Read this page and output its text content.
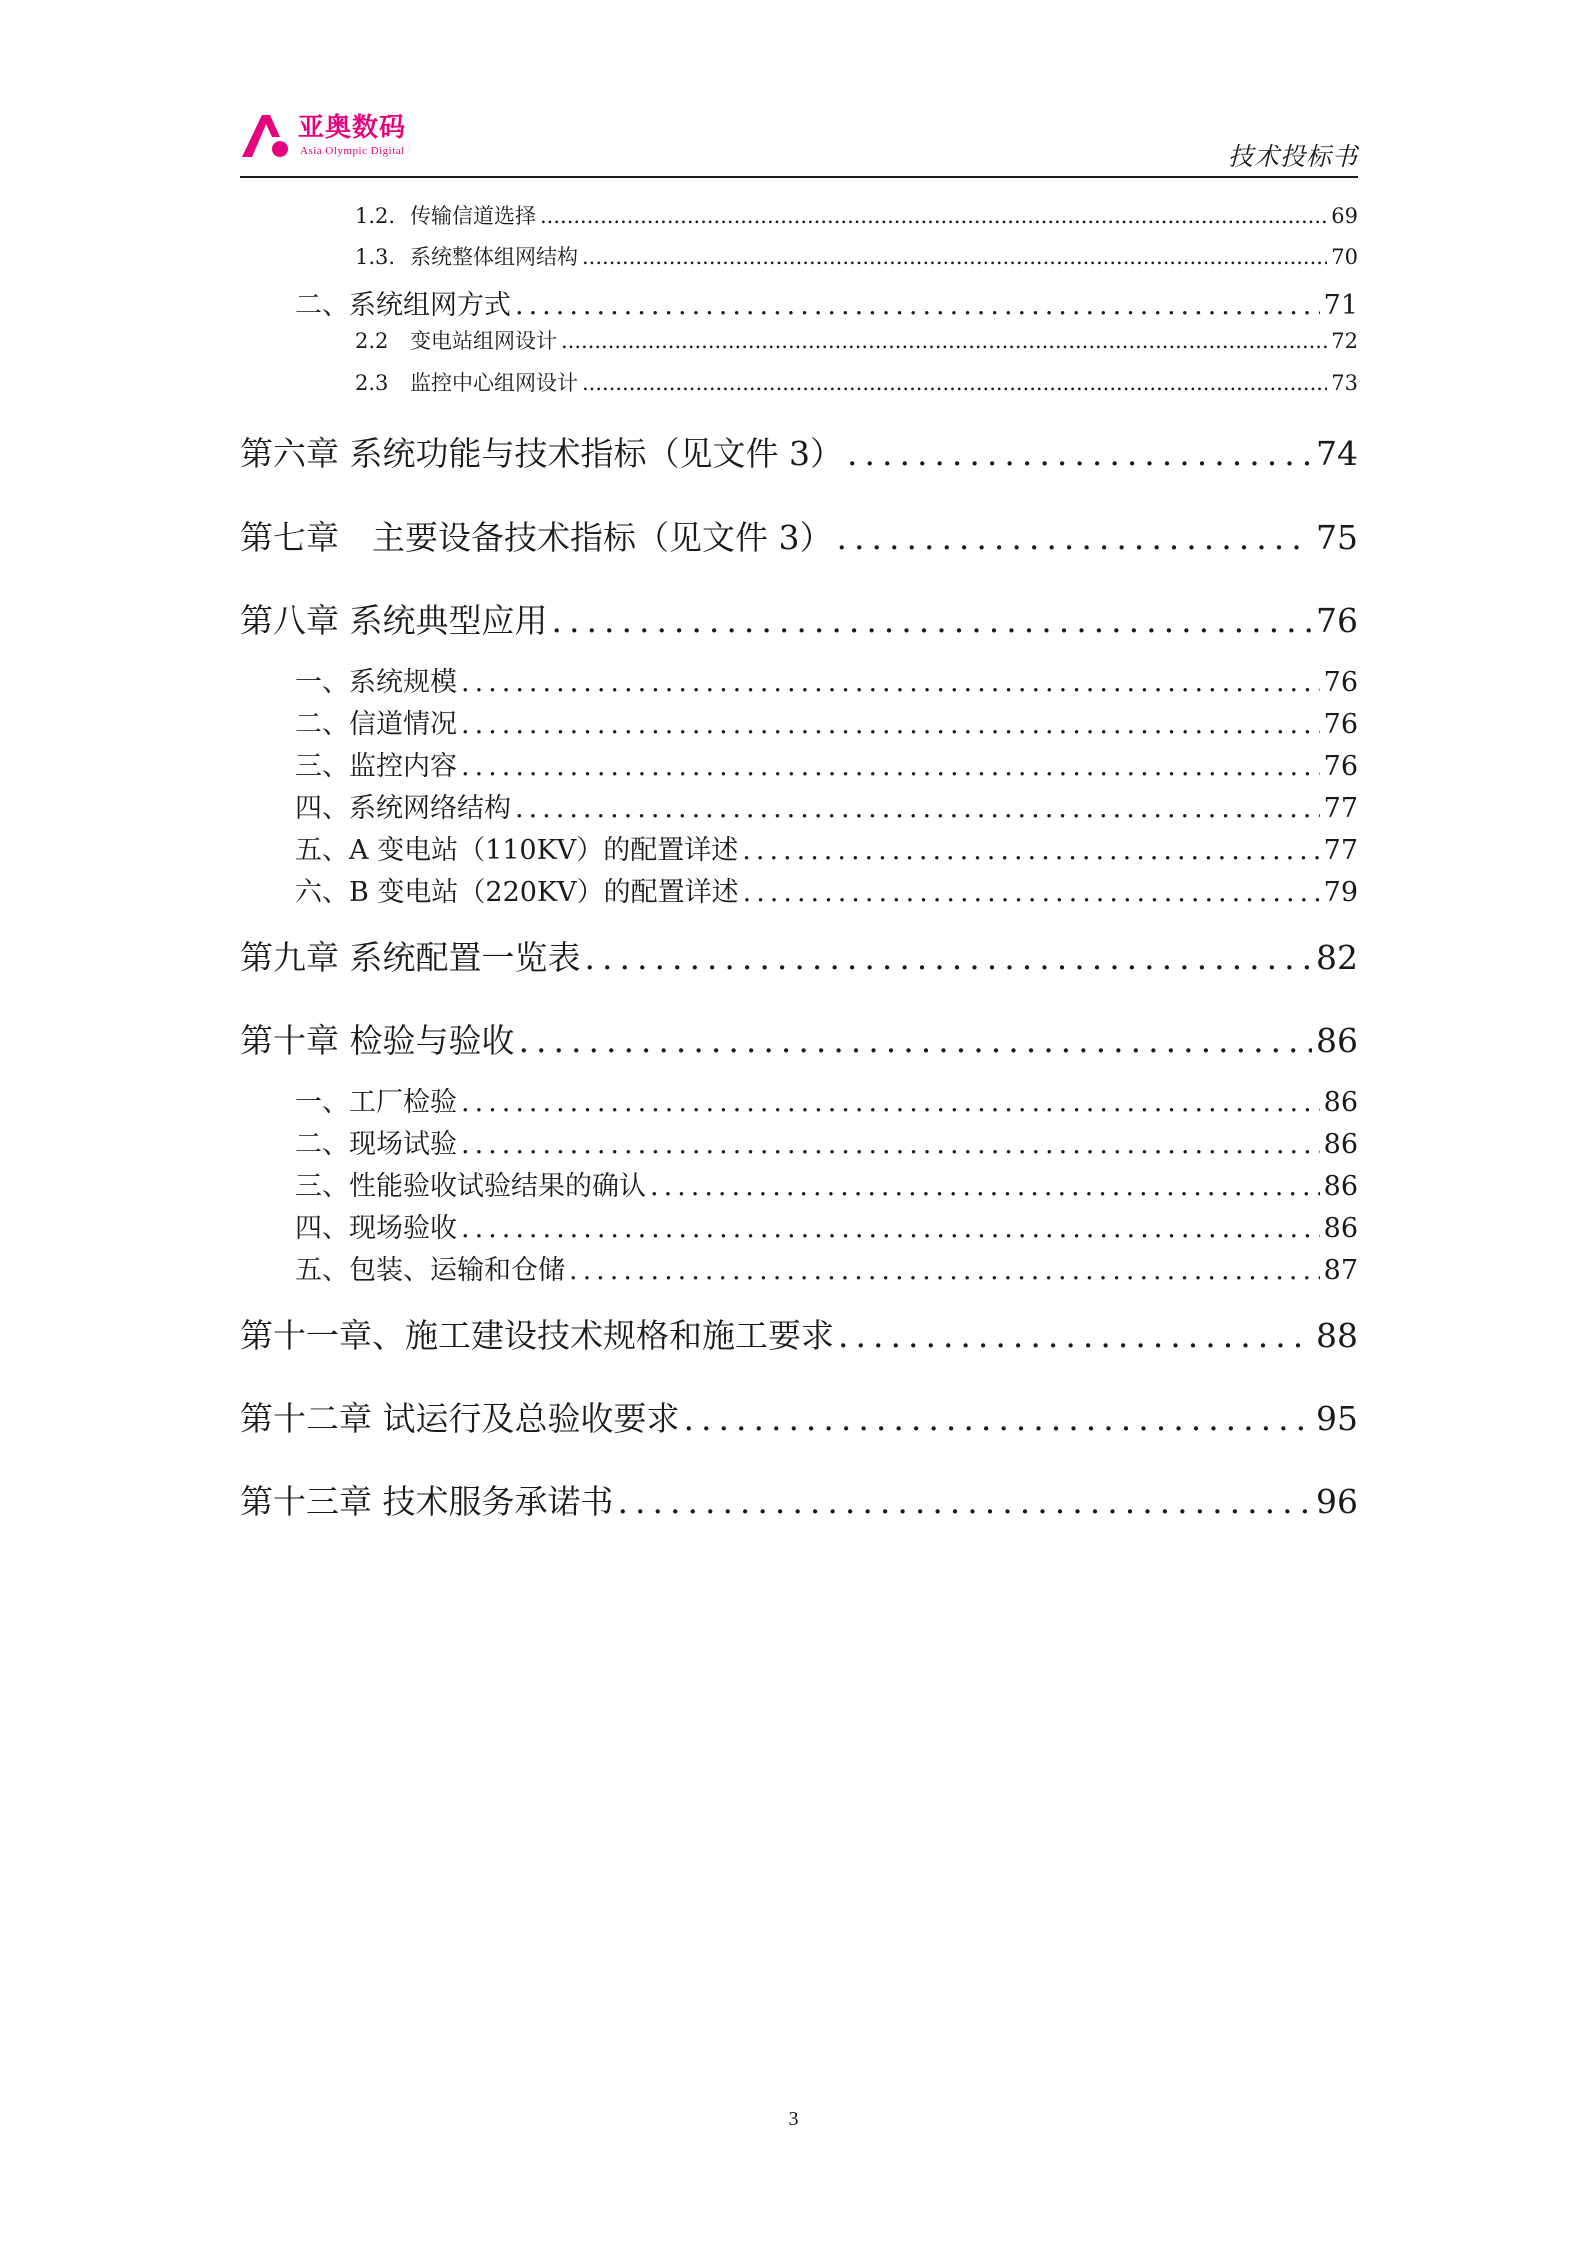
亚奥数码
Asia Olympic Digital	技术投标书
1.2. 传输信道选择 .....	69
1.3. 系统整体组网结构 .....	70
二、系统组网方式 .....	71
2.2	变电站组网设计 .....	72
2.3	监控中心组网设计 .....	73
第六章 系统功能与技术指标（见文件 3） .....	74
第七章　主要设备技术指标（见文件 3） .....	75
第八章 系统典型应用 .....	76
一、系统规模 .....	76
二、信道情况 .....	76
三、监控内容 .....	76
四、系统网络结构 .....	77
五、A 变电站（110KV）的配置详述 .....	77
六、B 变电站（220KV）的配置详述 .....	79
第九章 系统配置一览表 .....	82
第十章 检验与验收 .....	86
一、工厂检验 .....	86
二、现场试验 .....	86
三、性能验收试验结果的确认 .....	86
四、现场验收 .....	86
五、包装、运输和仓储 .....	87
第十一章、施工建设技术规格和施工要求 .....	88
第十二章 试运行及总验收要求 .....	95
第十三章 技术服务承诺书 .....	96
3
